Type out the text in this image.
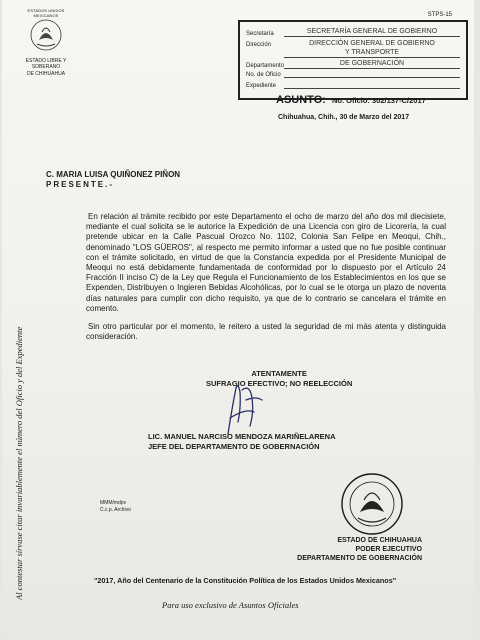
ESTADOS UNIDOS MEXICANOS
ESTADO LIBRE Y SOBERANO
DE CHIHUAHUA
STPS-15
Secretaría	SECRETARÍA GENERAL DE GOBIERNO
Dirección	DIRECCIÓN GENERAL DE GOBIERNO
Y TRANSPORTE
Departamento	DE GOBERNACIÓN
No. de Oficio
Expediente
ASUNTO: No. Oficio: 302/137-C/2017
Chihuahua, Chih., 30 de Marzo del 2017
C. MARIA LUISA QUIÑONEZ PIÑON
PRESENTE.-

En relación al trámite recibido por este Departamento el ocho de marzo del año dos mil diecisiete, mediante el cual solicita se le autorice la Expedición de una Licencia con giro de Licorería, la cual pretende ubicar en la Calle Pascual Orozco No. 1102, Colonia San Felipe en Meoqui, Chih., denominado "LOS GÜEROS", al respecto me permito informar a usted que no fue posible continuar con el trámite solicitado, en virtud de que la Constancia expedida por el Presidente Municipal de Meoqui no está debidamente fundamentada de conformidad por lo dispuesto por el Artículo 24 Fracción II inciso C) de la Ley que Regula el Funcionamiento de los Establecimientos en los que se Expenden, Distribuyen o Ingieren Bebidas Alcohólicas, por lo cual se le otorga un plazo de noventa días naturales para cumplir con dicho requisito, ya que de lo contrario se cancelara el trámite en comento.

Sin otro particular por el momento, le reitero a usted la seguridad de mi más atenta y distinguida consideración.

ATENTAMENTE
SUFRAGIO EFECTIVO; NO REELECCIÓN
LIC. MANUEL NARCISO MENDOZA MARIÑELARENA
JEFE DEL DEPARTAMENTO DE GOBERNACIÓN
MMM/mdpv
C.c.p. Archivo
ESTADO DE CHIHUAHUA
PODER EJECUTIVO
DEPARTAMENTO DE GOBERNACIÓN
"2017, Año del Centenario de la Constitución Política de los Estados Unidos Mexicanos"
Para uso exclusivo de Asuntos Oficiales
Al contestar sírvase citar invariablemente el número del Oficio y del Expediente
